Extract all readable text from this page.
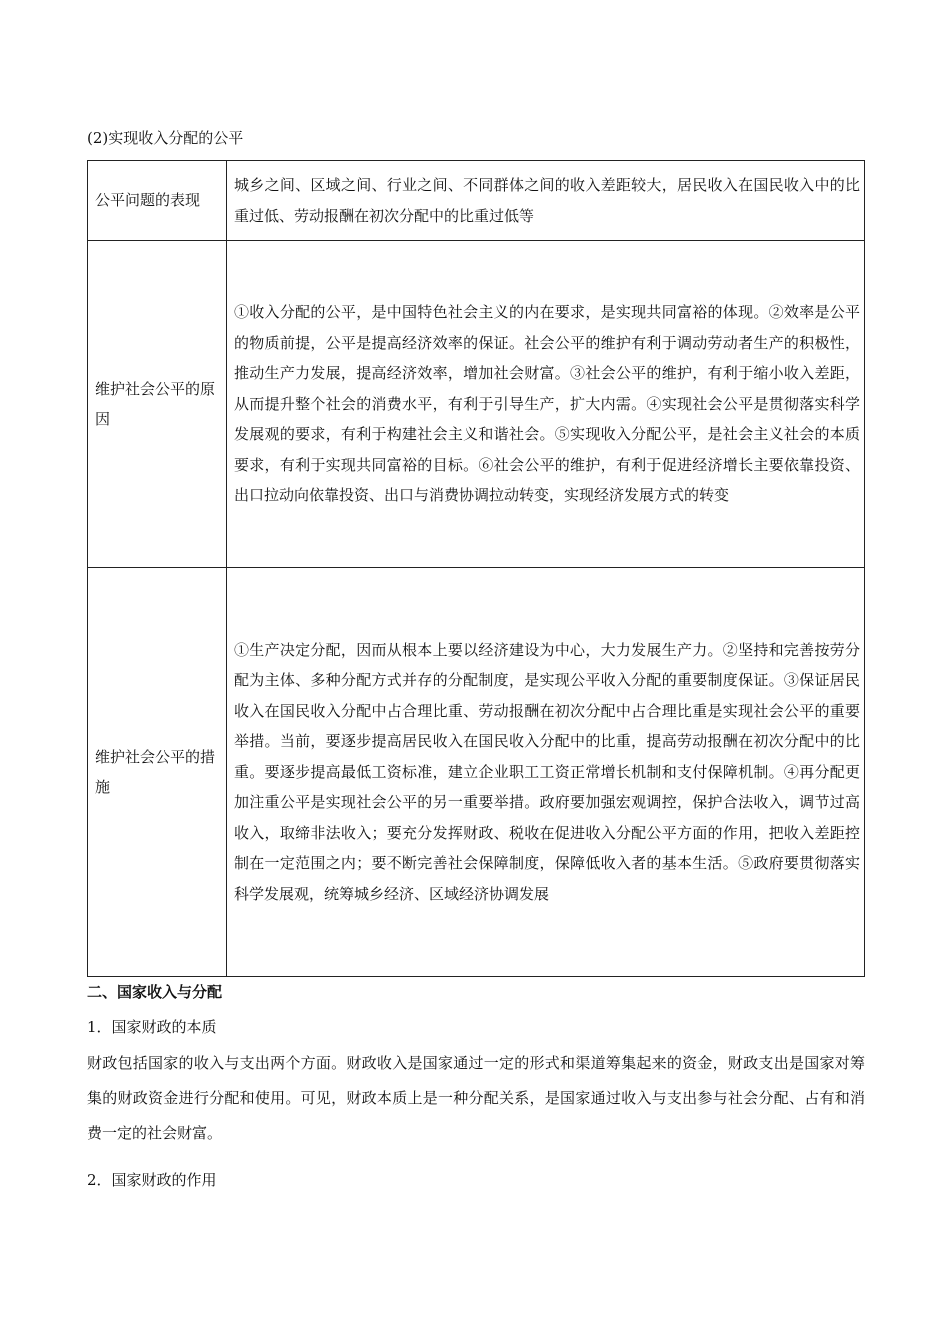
(2)实现收入分配的公平
公平问题的表现	城乡之间、区域之间、行业之间、不同群体之间的收入差距较大，居民收入在国民收入中的比重过低、劳动报酬在初次分配中的比重过低等
维护社会公平的原因	①收入分配的公平，是中国特色社会主义的内在要求，是实现共同富裕的体现。②效率是公平的物质前提，公平是提高经济效率的保证。社会公平的维护有利于调动劳动者生产的积极性，推动生产力发展，提高经济效率，增加社会财富。③社会公平的维护，有利于缩小收入差距，从而提升整个社会的消费水平，有利于引导生产，扩大内需。④实现社会公平是贯彻落实科学发展观的要求，有利于构建社会主义和谐社会。⑤实现收入分配公平，是社会主义社会的本质要求，有利于实现共同富裕的目标。⑥社会公平的维护，有利于促进经济增长主要依靠投资、出口拉动向依靠投资、出口与消费协调拉动转变，实现经济发展方式的转变
维护社会公平的措施	①生产决定分配，因而从根本上要以经济建设为中心，大力发展生产力。②坚持和完善按劳分配为主体、多种分配方式并存的分配制度，是实现公平收入分配的重要制度保证。③保证居民收入在国民收入分配中占合理比重、劳动报酬在初次分配中占合理比重是实现社会公平的重要举措。当前，要逐步提高居民收入在国民收入分配中的比重，提高劳动报酬在初次分配中的比重。要逐步提高最低工资标准，建立企业职工工资正常增长机制和支付保障机制。④再分配更加注重公平是实现社会公平的另一重要举措。政府要加强宏观调控，保护合法收入，调节过高收入，取缔非法收入；要充分发挥财政、税收在促进收入分配公平方面的作用，把收入差距控制在一定范围之内；要不断完善社会保障制度，保障低收入者的基本生活。⑤政府要贯彻落实科学发展观，统筹城乡经济、区域经济协调发展
二、国家收入与分配
1．国家财政的本质
财政包括国家的收入与支出两个方面。财政收入是国家通过一定的形式和渠道筹集起来的资金，财政支出是国家对筹集的财政资金进行分配和使用。可见，财政本质上是一种分配关系，是国家通过收入与支出参与社会分配、占有和消费一定的社会财富。
2．国家财政的作用
